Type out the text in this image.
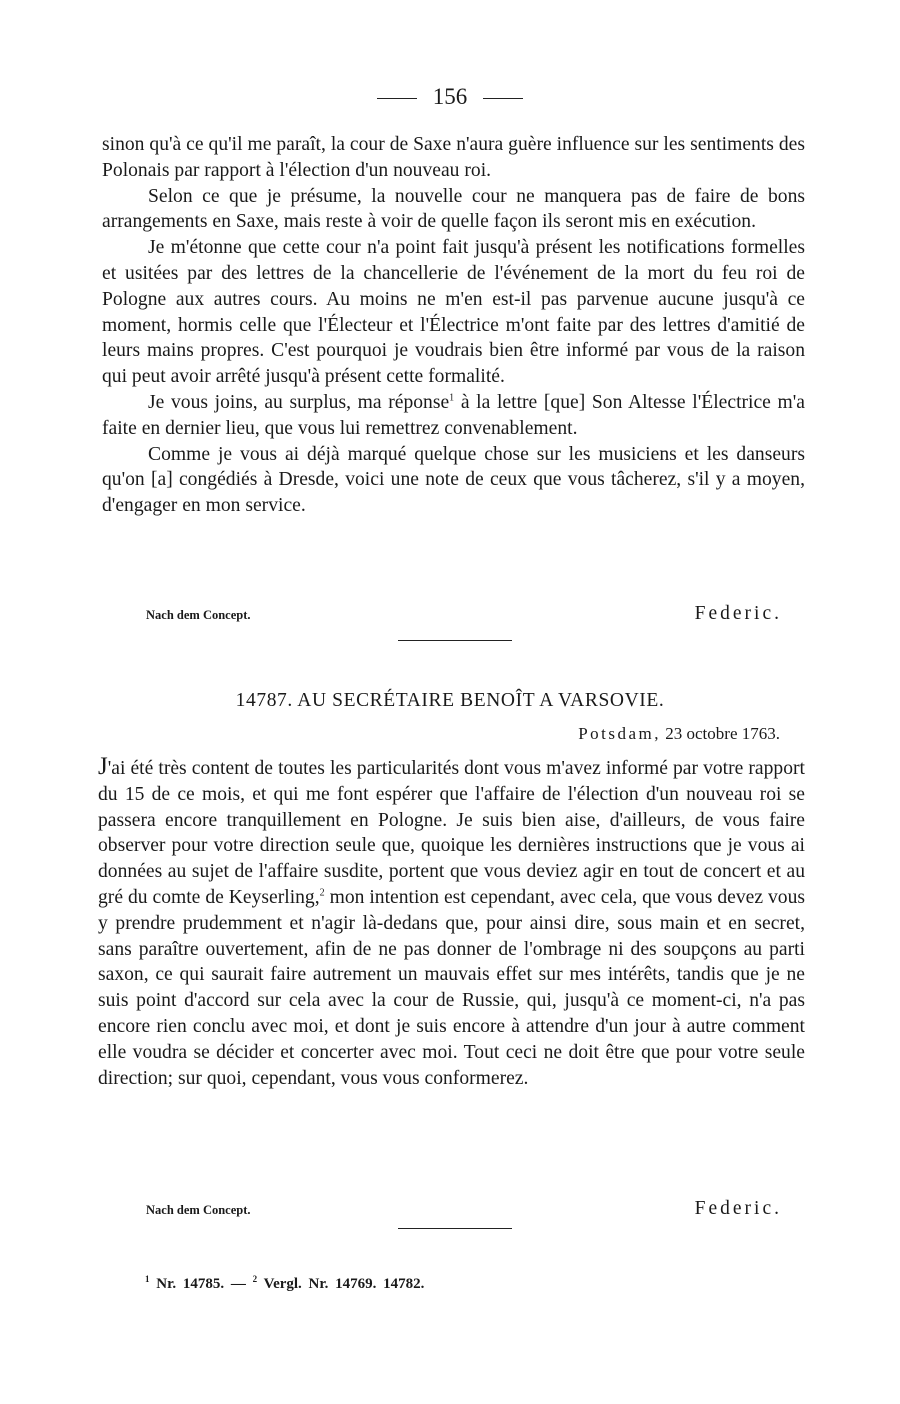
156

sinon qu'à ce qu'il me paraît, la cour de Saxe n'aura guère influence sur les sentiments des Polonais par rapport à l'élection d'un nouveau roi.

Selon ce que je présume, la nouvelle cour ne manquera pas de faire de bons arrangements en Saxe, mais reste à voir de quelle façon ils seront mis en exécution.

Je m'étonne que cette cour n'a point fait jusqu'à présent les notifications formelles et usitées par des lettres de la chancellerie de l'événement de la mort du feu roi de Pologne aux autres cours. Au moins ne m'en est-il pas parvenue aucune jusqu'à ce moment, hormis celle que l'Électeur et l'Électrice m'ont faite par des lettres d'amitié de leurs mains propres. C'est pourquoi je voudrais bien être informé par vous de la raison qui peut avoir arrêté jusqu'à présent cette formalité.

Je vous joins, au surplus, ma réponse$^1$ à la lettre [que] Son Altesse l'Électrice m'a faite en dernier lieu, que vous lui remettrez convenablement.

Comme je vous ai déjà marqué quelque chose sur les musiciens et les danseurs qu'on [a] congédiés à Dresde, voici une note de ceux que vous tâcherez, s'il y a moyen, d'engager en mon service.

Nach dem Concept.	Federic.
14787. AU SECRÉTAIRE BENOÎT A VARSOVIE.
Potsdam, 23 octobre 1763.

J'ai été très content de toutes les particularités dont vous m'avez informé par votre rapport du 15 de ce mois, et qui me font espérer que l'affaire de l'élection d'un nouveau roi se passera encore tranquillement en Pologne. Je suis bien aise, d'ailleurs, de vous faire observer pour votre direction seule que, quoique les dernières instructions que je vous ai données au sujet de l'affaire susdite, portent que vous deviez agir en tout de concert et au gré du comte de Keyserling,$^2$ mon intention est cependant, avec cela, que vous devez vous y prendre prudemment et n'agir là-dedans que, pour ainsi dire, sous main et en secret, sans paraître ouvertement, afin de ne pas donner de l'ombrage ni des soupçons au parti saxon, ce qui saurait faire autrement un mauvais effet sur mes intérêts, tandis que je ne suis point d'accord sur cela avec la cour de Russie, qui, jusqu'à ce moment-ci, n'a pas encore rien conclu avec moi, et dont je suis encore à attendre d'un jour à autre comment elle voudra se décider et concerter avec moi. Tout ceci ne doit être que pour votre seule direction; sur quoi, cependant, vous vous conformerez.

Nach dem Concept.	Federic.
$^1$ Nr. 14785. — $^2$ Vergl. Nr. 14769. 14782.
